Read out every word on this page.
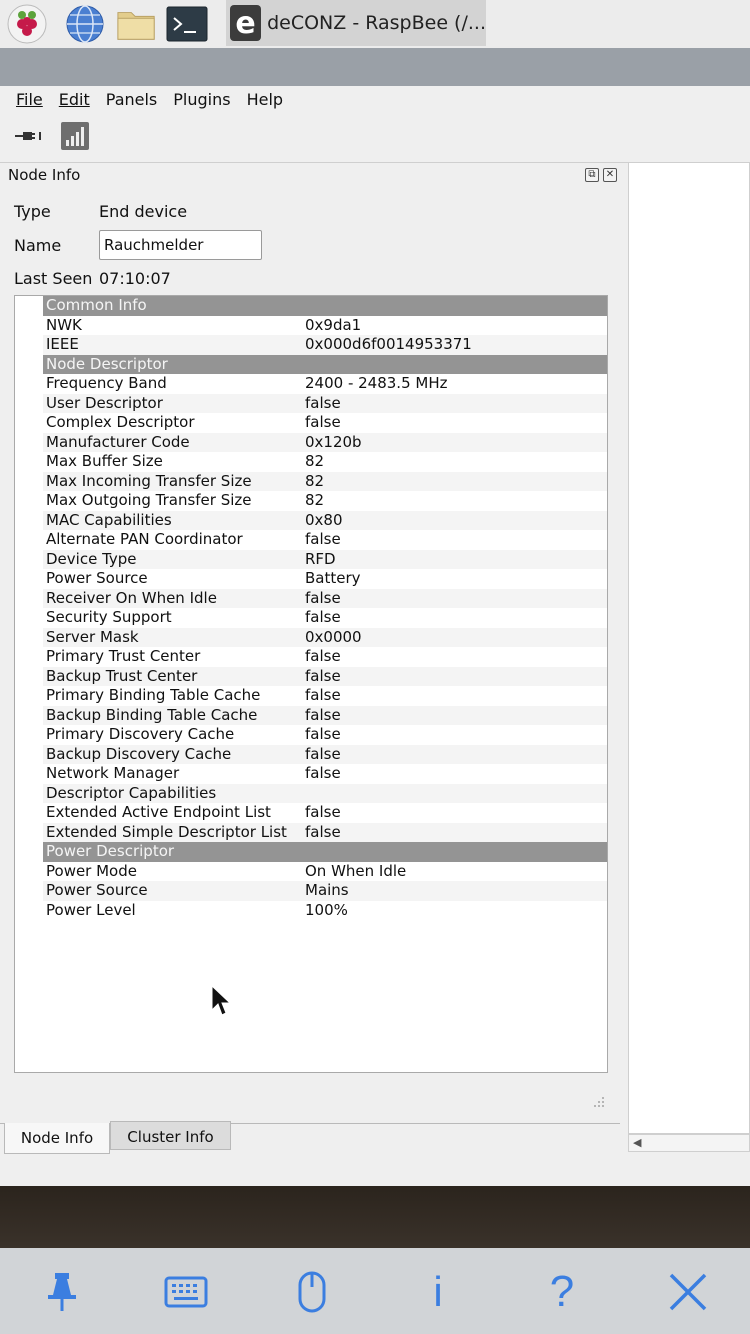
e deCONZ - RaspBee (/...
File	Edit	Panels	Plugins	Help
Node Info	⧉	✕
Type	End device
Name
Rauchmelder
Last Seen 07:10:07
Common Info
NWK	0x9da1
IEEE	0x000d6f0014953371
Node Descriptor
Frequency Band	2400 - 2483.5 MHz
User Descriptor	false
Complex Descriptor	false
Manufacturer Code	0x120b
Max Buffer Size	82
Max Incoming Transfer Size	82
Max Outgoing Transfer Size	82
MAC Capabilities	0x80
Alternate PAN Coordinator	false
Device Type	RFD
Power Source	Battery
Receiver On When Idle	false
Security Support	false
Server Mask	0x0000
Primary Trust Center	false
Backup Trust Center	false
Primary Binding Table Cache	false
Backup Binding Table Cache	false
Primary Discovery Cache	false
Backup Discovery Cache	false
Network Manager	false
Descriptor Capabilities
Extended Active Endpoint List false
Extended Simple Descriptor List false
Power Descriptor
Power Mode	On When Idle
Power Source	Mains
Power Level	100%
Node Info	Cluster Info	◀
i	?
